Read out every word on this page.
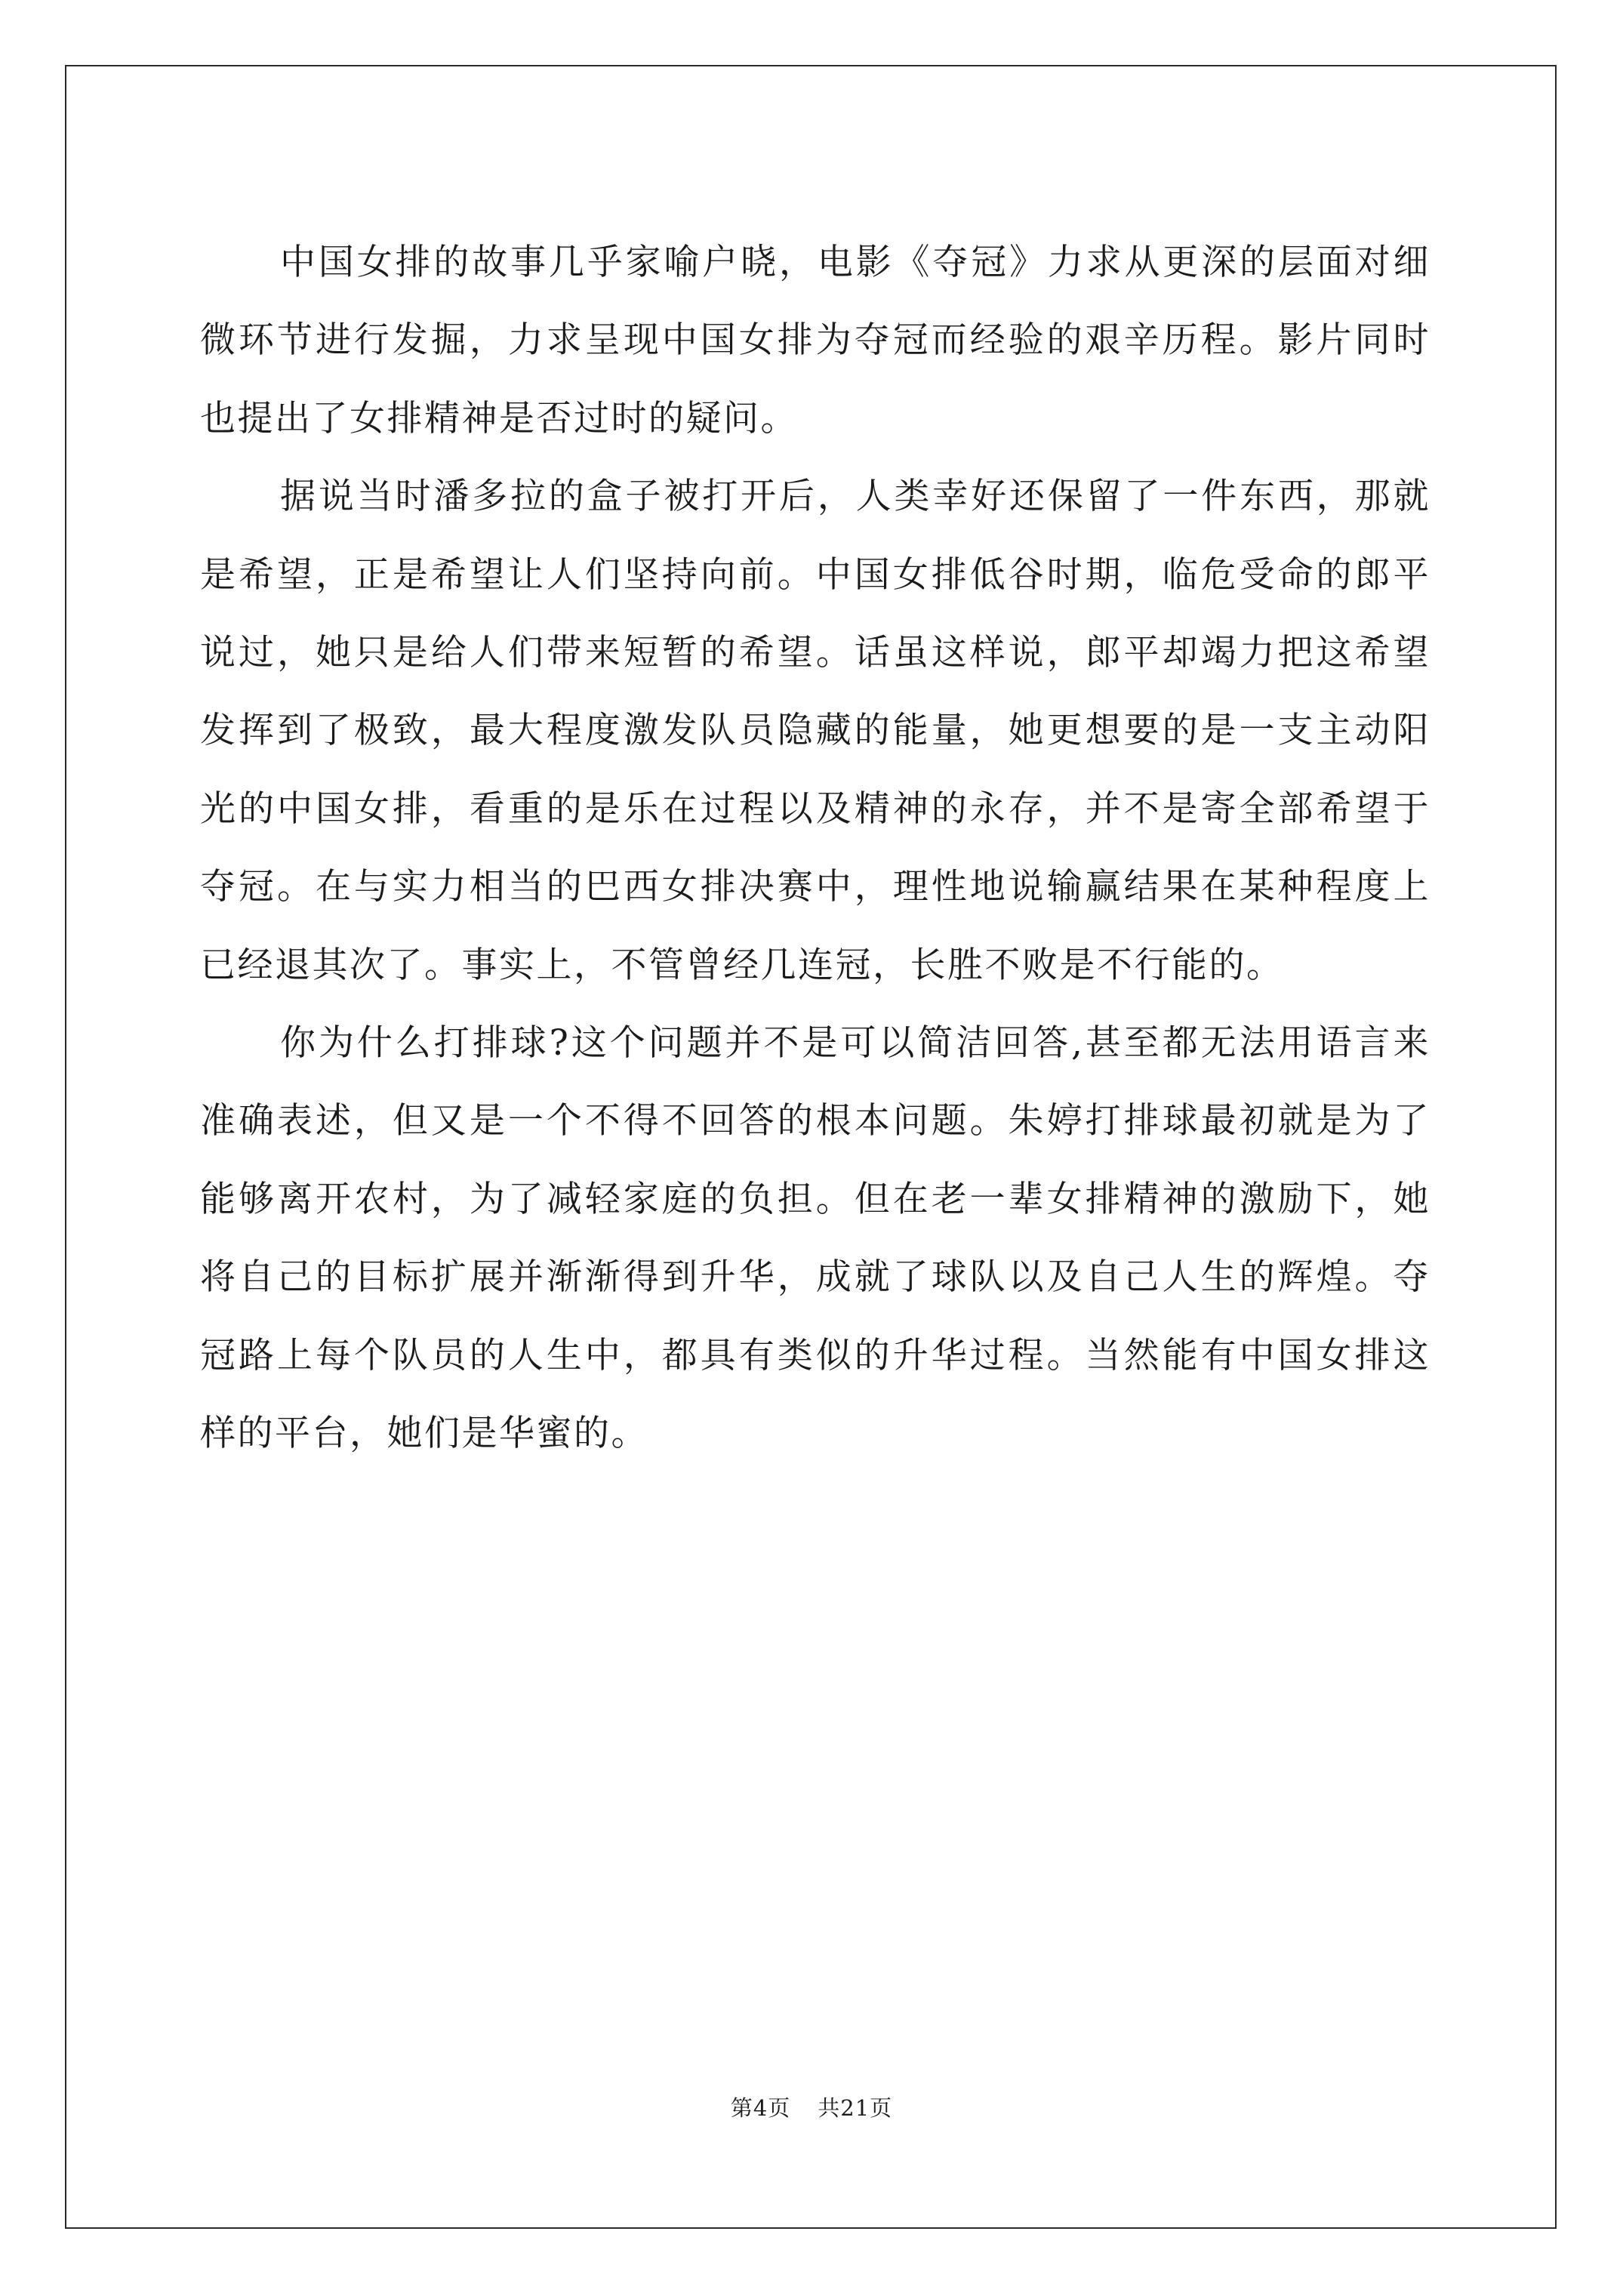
中国女排的故事几乎家喻户晓，电影《夺冠》力求从更深的层面对细微环节进行发掘，力求呈现中国女排为夺冠而经验的艰辛历程。影片同时也提出了女排精神是否过时的疑问。

据说当时潘多拉的盒子被打开后，人类幸好还保留了一件东西，那就是希望，正是希望让人们坚持向前。中国女排低谷时期，临危受命的郎平说过，她只是给人们带来短暂的希望。话虽这样说，郎平却竭力把这希望发挥到了极致，最大程度激发队员隐藏的能量，她更想要的是一支主动阳光的中国女排，看重的是乐在过程以及精神的永存，并不是寄全部希望于夺冠。在与实力相当的巴西女排决赛中，理性地说输赢结果在某种程度上已经退其次了。事实上，不管曾经几连冠，长胜不败是不行能的。

你为什么打排球?这个问题并不是可以简洁回答,甚至都无法用语言来准确表述，但又是一个不得不回答的根本问题。朱婷打排球最初就是为了能够离开农村，为了减轻家庭的负担。但在老一辈女排精神的激励下，她将自己的目标扩展并渐渐得到升华，成就了球队以及自己人生的辉煌。夺冠路上每个队员的人生中，都具有类似的升华过程。当然能有中国女排这样的平台，她们是华蜜的。

第4页 共21页
